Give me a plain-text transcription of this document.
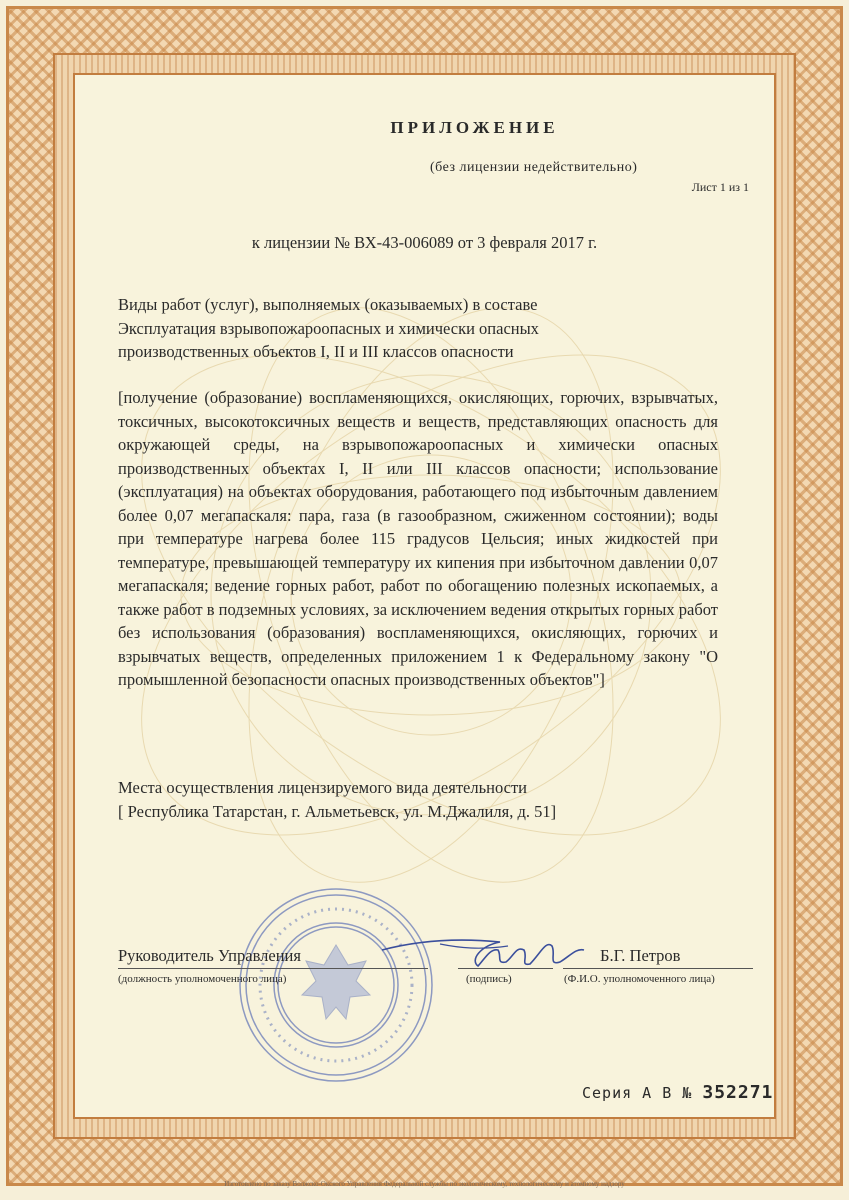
ПРИЛОЖЕНИЕ
(без лицензии недействительно)
Лист 1 из 1
к лицензии № ВХ-43-006089 от 3 февраля 2017 г.
Виды работ (услуг), выполняемых (оказываемых) в составе
Эксплуатация взрывопожароопасных и химически опасных
производственных объектов I, II и III классов опасности
[получение (образование) воспламеняющихся, окисляющих, горючих, взрывчатых, токсичных, высокотоксичных веществ и веществ, представляющих опасность для окружающей среды, на взрывопожароопасных и химически опасных производственных объектах I, II или III классов опасности; использование (эксплуатация) на объектах оборудования, работающего под избыточным давлением более 0,07 мегапаскаля: пара, газа (в газообразном, сжиженном состоянии); воды при температуре нагрева более 115 градусов Цельсия; иных жидкостей при температуре, превышающей температуру их кипения при избыточном давлении 0,07 мегапаскаля; ведение горных работ, работ по обогащению полезных ископаемых, а также работ в подземных условиях, за исключением ведения открытых горных работ без использования (образования) воспламеняющихся, окисляющих, горючих и взрывчатых веществ, определенных приложением 1 к Федеральному закону "О промышленной безопасности опасных производственных объектов"]
Места осуществления лицензируемого вида деятельности
[ Республика Татарстан, г. Альметьевск, ул. М.Джалиля, д. 51]
Руководитель Управления	Б.Г. Петров
(должность уполномоченного лица)	(подпись)	(Ф.И.О. уполномоченного лица)
Серия А В № 352271
Изготовлено по заказу Волжско-Окского Управления Федеральной службы по экологическому, технологическому и атомному надзору
